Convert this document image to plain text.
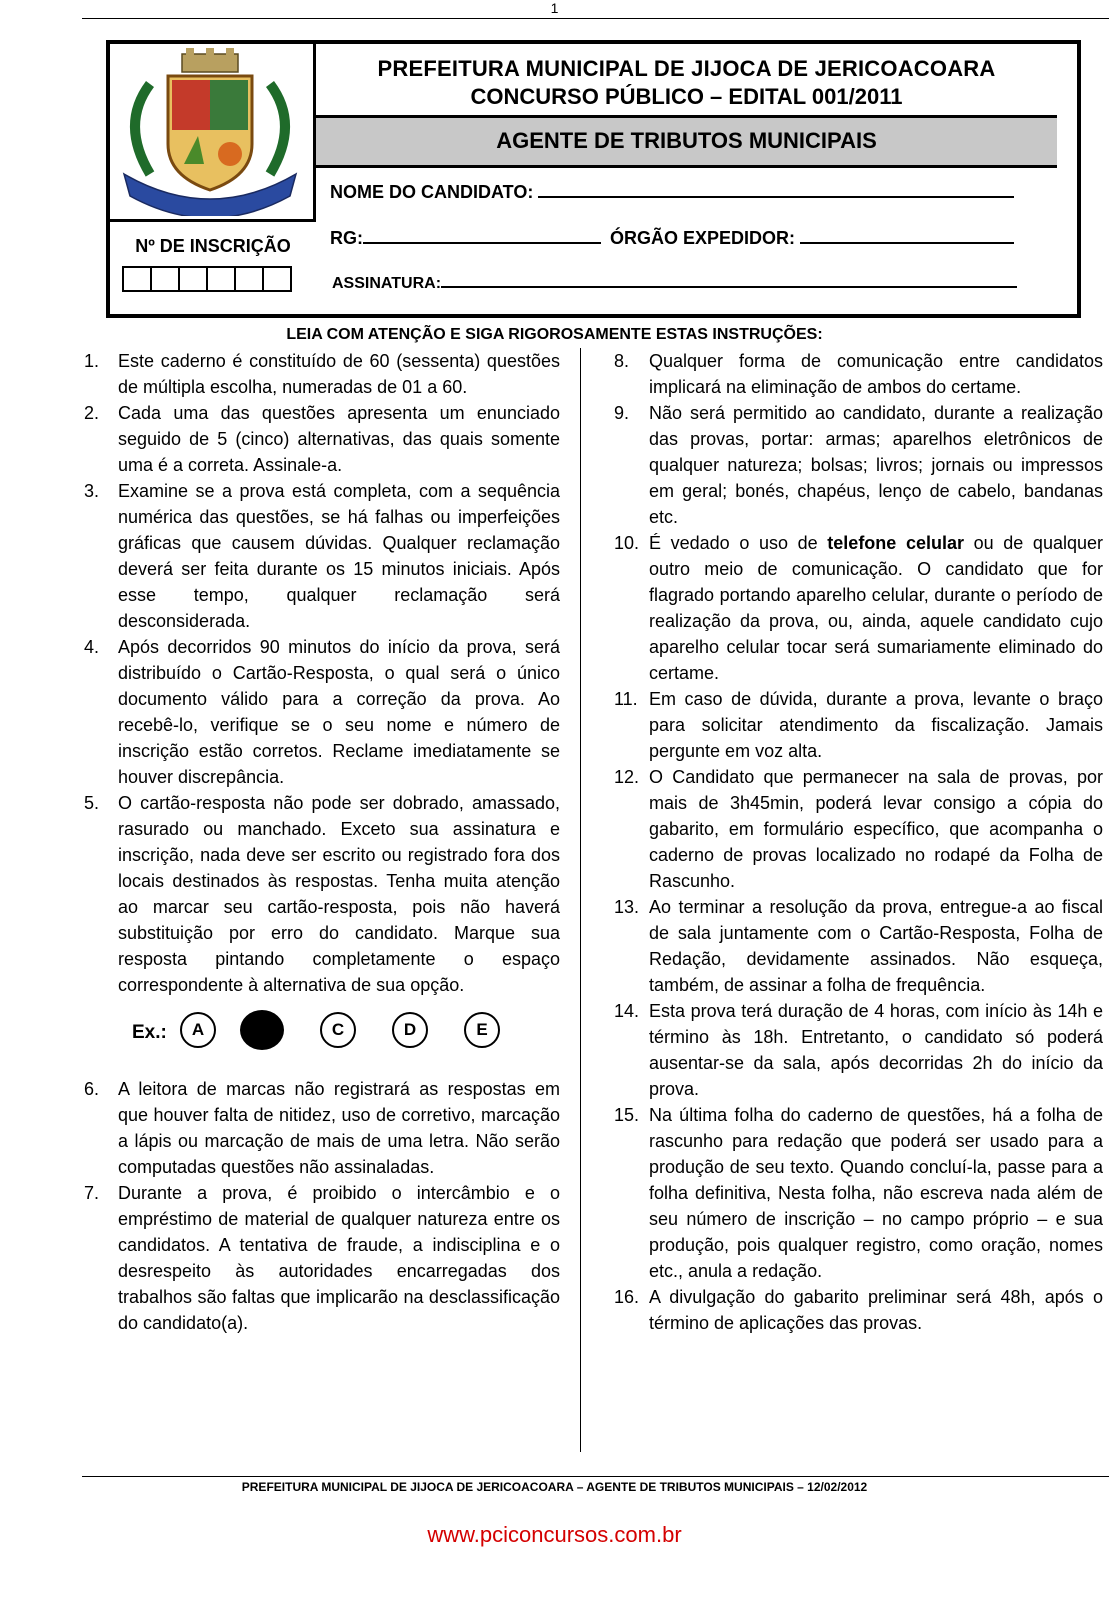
1
Nº DE INSCRIÇÃO
PREFEITURA MUNICIPAL DE JIJOCA DE JERICOACOARA
CONCURSO PÚBLICO – EDITAL 001/2011
AGENTE DE TRIBUTOS MUNICIPAIS
NOME DO CANDIDATO:
RG:	ÓRGÃO EXPEDIDOR:
ASSINATURA:
LEIA COM ATENÇÃO E SIGA RIGOROSAMENTE ESTAS INSTRUÇÕES:
1.	Este caderno é constituído de 60 (sessenta) questões de múltipla escolha, numeradas de 01 a 60.
2.	Cada uma das questões apresenta um enunciado seguido de 5 (cinco) alternativas, das quais somente uma é a correta. Assinale-a.
3.	Examine se a prova está completa, com a sequência numérica das questões, se há falhas ou imperfeições gráficas que causem dúvidas. Qualquer reclamação deverá ser feita durante os 15 minutos iniciais. Após esse tempo, qualquer reclamação será desconsiderada.
4.	Após decorridos 90 minutos do início da prova, será distribuído o Cartão-Resposta, o qual será o único documento válido para a correção da prova. Ao recebê-lo, verifique se o seu nome e número de inscrição estão corretos. Reclame imediatamente se houver discrepância.
5.	O cartão-resposta não pode ser dobrado, amassado, rasurado ou manchado. Exceto sua assinatura e inscrição, nada deve ser escrito ou registrado fora dos locais destinados às respostas. Tenha muita atenção ao marcar seu cartão-resposta, pois não haverá substituição por erro do candidato. Marque sua resposta pintando completamente o espaço correspondente à alternativa de sua opção.
Ex.:	A	C	D	E
6.	A leitora de marcas não registrará as respostas em que houver falta de nitidez, uso de corretivo, marcação a lápis ou marcação de mais de uma letra. Não serão computadas questões não assinaladas.
7.	Durante a prova, é proibido o intercâmbio e o empréstimo de material de qualquer natureza entre os candidatos. A tentativa de fraude, a indisciplina e o desrespeito às autoridades encarregadas dos trabalhos são faltas que implicarão na desclassificação do candidato(a).
8.	Qualquer forma de comunicação entre candidatos implicará na eliminação de ambos do certame.
9.	Não será permitido ao candidato, durante a realização das provas, portar: armas; aparelhos eletrônicos de qualquer natureza; bolsas; livros; jornais ou impressos em geral; bonés, chapéus, lenço de cabelo, bandanas etc.
10. É vedado o uso de telefone celular ou de qualquer outro meio de comunicação. O candidato que for flagrado portando aparelho celular, durante o período de realização da prova, ou, ainda, aquele candidato cujo aparelho celular tocar será sumariamente eliminado do certame.
11. Em caso de dúvida, durante a prova, levante o braço para solicitar atendimento da fiscalização. Jamais pergunte em voz alta.
12. O Candidato que permanecer na sala de provas, por mais de 3h45min, poderá levar consigo a cópia do gabarito, em formulário específico, que acompanha o caderno de provas localizado no rodapé da Folha de Rascunho.
13. Ao terminar a resolução da prova, entregue-a ao fiscal de sala juntamente com o Cartão-Resposta, Folha de Redação, devidamente assinados. Não esqueça, também, de assinar a folha de frequência.
14. Esta prova terá duração de 4 horas, com início às 14h e término às 18h. Entretanto, o candidato só poderá ausentar-se da sala, após decorridas 2h do início da prova.
15. Na última folha do caderno de questões, há a folha de rascunho para redação que poderá ser usado para a produção de seu texto. Quando concluí-la, passe para a folha definitiva, Nesta folha, não escreva nada além de seu número de inscrição – no campo próprio – e sua produção, pois qualquer registro, como oração, nomes etc., anula a redação.
16. A divulgação do gabarito preliminar será 48h, após o término de aplicações das provas.
PREFEITURA MUNICIPAL DE JIJOCA DE JERICOACOARA – AGENTE DE TRIBUTOS MUNICIPAIS – 12/02/2012
www.pciconcursos.com.br
